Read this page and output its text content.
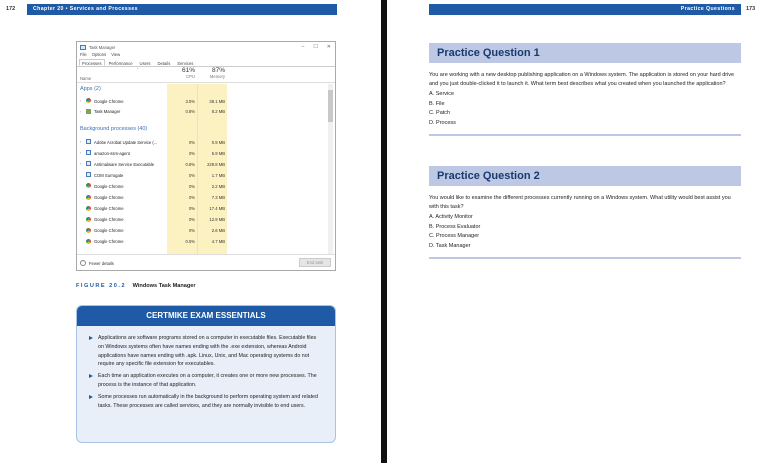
172	Chapter 20 • Services and Processes
Task Manager	– ☐ ✕
File Options View
Processes	Performance	Users	Details	Services
ˆ
Name
61%
CPU
87%
Memory
Apps (2)
›	Google Chrome	3.5%	38.1 MB
›	Task Manager	0.8%	8.2 MB
Background processes (40)
›	Adobe Acrobat Update Service (...	0%	0.9 MB
›	amazon-ssm-agent	0%	5.9 MB
›	Antimalware Service Executable	0.8%	228.8 MB
COM Surrogate	0%	1.7 MB
Google Chrome	0%	2.2 MB
Google Chrome	0%	7.3 MB
Google Chrome	0%	17.4 MB
Google Chrome	0%	12.9 MB
Google Chrome	0%	2.6 MB
Google Chrome	0.5%	4.7 MB
ˆ	Fewer details	End task
FIGURE 20.2 Windows Task Manager
CERTMIKE EXAM ESSENTIALS
Applications are software programs stored on a computer in executable files. Executable files on Windows systems often have names ending with the .exe extension, whereas Android applications have names ending with .apk. Linux, Unix, and Mac operating systems do not require any specific file extension for executables.
Each time an application executes on a computer, it creates one or more new processes. The process is the instance of that application.
Some processes run automatically in the background to perform operating system and related tasks. These processes are called services, and they are normally invisible to end users.
Practice Questions	173
Practice Question 1
You are working with a new desktop publishing application on a Windows system. The application is stored on your hard drive and you just double-clicked it to launch it. What term best describes what you created when you launched the application?
A. Service
B. File
C. Patch
D. Process
Practice Question 2
You would like to examine the different processes currently running on a Windows system. What utility would best assist you with this task?
A. Activity Monitor
B. Process Evaluator
C. Process Manager
D. Task Manager
